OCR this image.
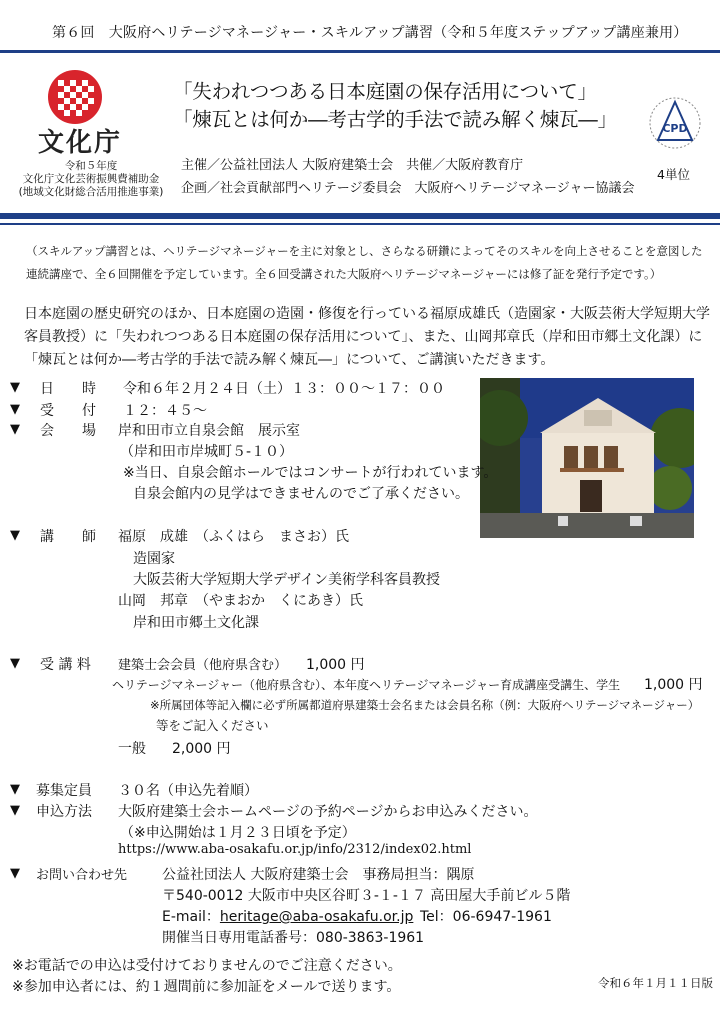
第６回　大阪府ヘリテージマネージャー・スキルアップ講習（令和５年度ステップアップ講座兼用）
文化庁
令和５年度
文化庁文化芸術振興費補助金
(地域文化財総合活用推進事業)
「失われつつある日本庭園の保存活用について」
「煉瓦とは何か―考古学的手法で読み解く煉瓦―」	CPD
4単位
主催／公益社団法人 大阪府建築士会　共催／大阪府教育庁
企画／社会貢献部門ヘリテージ委員会　大阪府ヘリテージマネージャー協議会
（スキルアップ講習とは、ヘリテージマネージャーを主に対象とし、さらなる研鑽によってそのスキルを向上させることを意図した
連続講座で、全６回開催を予定しています。全６回受講された大阪府ヘリテージマネージャーには修了証を発行予定です。）
日本庭園の歴史研究のほか、日本庭園の造園・修復を行っている福原成雄氏（造園家・大阪芸術大学短期大学
客員教授）に「失われつつある日本庭園の保存活用について」、また、山岡邦章氏（岸和田市郷土文化課）に
「煉瓦とは何か―考古学的手法で読み解く煉瓦―」について、ご講演いただきます。
▼ 日　　時 令和６年２月２４日（土）１３：００～１７：００
▼ 受　　付 １２：４５～
▼ 会　　場 岸和田市立自泉会館　展示室
（岸和田市岸城町５-１０）
※当日、自泉会館ホールではコンサートが行われています。
自泉会館内の見学はできませんのでご了承ください。
▼ 講　　師 福原　成雄　（ふくはら　まさお）氏
造園家
大阪芸術大学短期大学デザイン美術学科客員教授
山岡　邦章　（やまおか　くにあき）氏
岸和田市郷土文化課
▼ 受 講 料 建築士会会員（他府県含む） 1,000 円
ヘリテージマネージャー（他府県含む）、本年度ヘリテージマネージャー育成講座受講生、学生 1,000 円
※所属団体等記入欄に必ず所属都道府県建築士会名または会員名称（例：大阪府ヘリテージマネージャー）
等をご記入ください
一般 2,000 円
▼ 募集定員 ３０名（申込先着順）
▼ 申込方法 大阪府建築士会ホームページの予約ページからお申込みください。
（※申込開始は１月２３日頃を予定）
https://www.aba-osakafu.or.jp/info/2312/index02.html
▼ お問い合わせ先 公益社団法人 大阪府建築士会　事務局担当：隅原
〒540-0012 大阪市中央区谷町３-１-１７ 高田屋大手前ビル５階
E-mail：heritage@aba-osakafu.or.jp Tel：06-6947-1961
開催当日専用電話番号：080-3863-1961
※お電話での申込は受付けておりませんのでご注意ください。
※参加申込者には、約１週間前に参加証をメールで送ります。	令和６年１月１１日版
